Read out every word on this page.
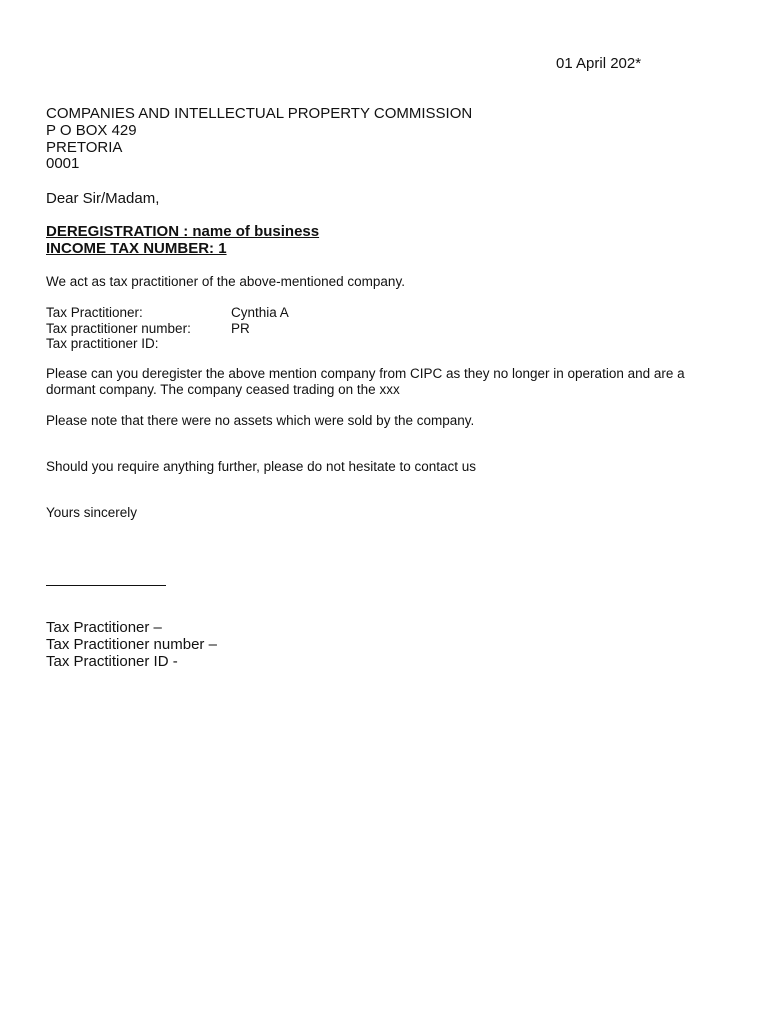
01 April 202*
COMPANIES AND INTELLECTUAL PROPERTY COMMISSION
P O BOX 429
PRETORIA
0001
Dear Sir/Madam,
DEREGISTRATION : name of business
INCOME TAX NUMBER: 1
We act as tax practitioner of the above-mentioned company.
Tax Practitioner:	Cynthia A
Tax practitioner number:	PR
Tax practitioner ID:
Please can you deregister the above mention company from CIPC as they no longer in operation and are a dormant company. The company ceased trading on the xxx
Please note that there were no assets which were sold by the company.
Should you require anything further, please do not hesitate to contact us
Yours sincerely
Tax Practitioner –
Tax Practitioner number –
Tax Practitioner ID -
